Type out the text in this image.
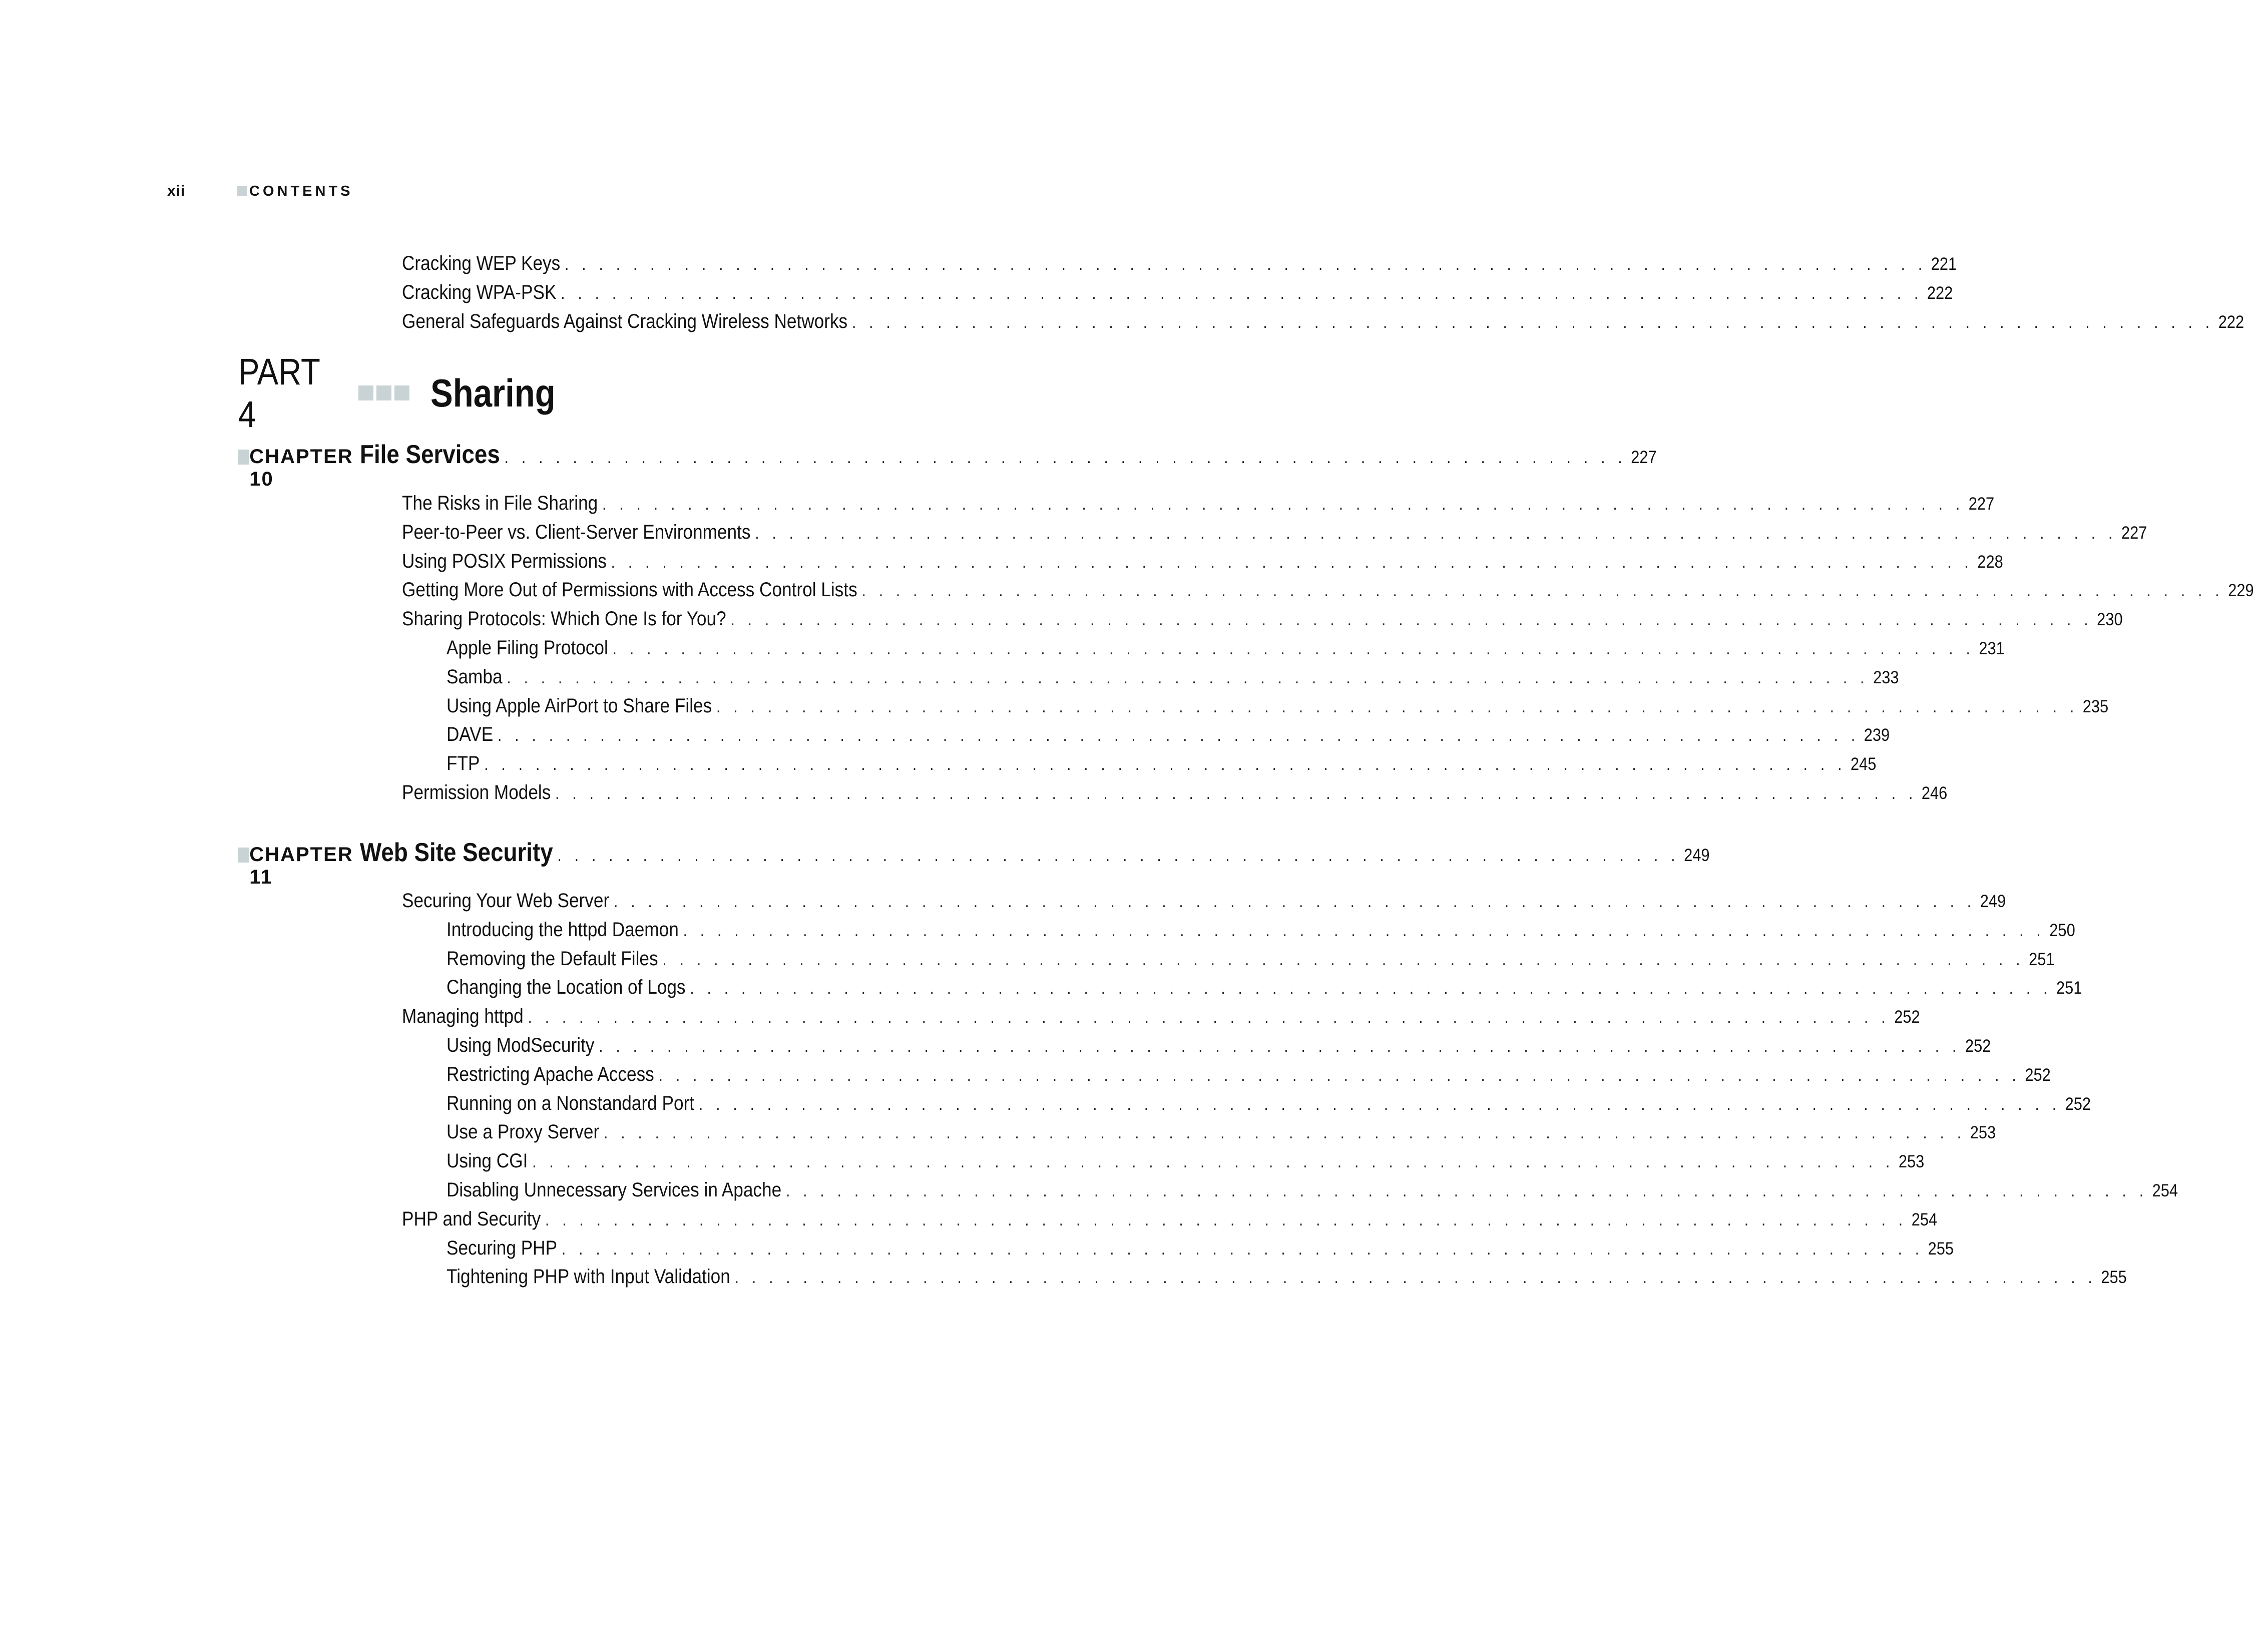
xii	CONTENTS
PART 4	Sharing
CHAPTER 10
File Services . . . . . . . . . . . . . . . . . . . . . . . . . . . . . . . . . . . . . . . . . . . . . . . . . . . . . . . . . . . . . . . . . . 227
CHAPTER 11
Web Site Security . . . . . . . . . . . . . . . . . . . . . . . . . . . . . . . . . . . . . . . . . . . . . . . . . . . . . . . . . . . . . . . . . . 249
Cracking WEP Keys . . . . . . . . . . . . . . . . . . . . . . . . . . . . . . . . . . . . . . . . . . . . . . . . . . . . . . . . . . . . . . . . . . . . . . . . . . . . . . . . 221
Cracking WPA-PSK . . . . . . . . . . . . . . . . . . . . . . . . . . . . . . . . . . . . . . . . . . . . . . . . . . . . . . . . . . . . . . . . . . . . . . . . . . . . . . . . 222
General Safeguards Against Cracking Wireless Networks . . . . . . . . . . . . . . . . . . . . . . . . . . . . . . . . . . . . . . . . . . . . . . . . . . . . . . . . . . . . . . . . . . . . . . . . . . . . . . . . 222
The Risks in File Sharing . . . . . . . . . . . . . . . . . . . . . . . . . . . . . . . . . . . . . . . . . . . . . . . . . . . . . . . . . . . . . . . . . . . . . . . . . . . . . . . . 227
Peer-to-Peer vs. Client-Server Environments . . . . . . . . . . . . . . . . . . . . . . . . . . . . . . . . . . . . . . . . . . . . . . . . . . . . . . . . . . . . . . . . . . . . . . . . . . . . . . . . 227
Using POSIX Permissions . . . . . . . . . . . . . . . . . . . . . . . . . . . . . . . . . . . . . . . . . . . . . . . . . . . . . . . . . . . . . . . . . . . . . . . . . . . . . . . . 228
Getting More Out of Permissions with Access Control Lists . . . . . . . . . . . . . . . . . . . . . . . . . . . . . . . . . . . . . . . . . . . . . . . . . . . . . . . . . . . . . . . . . . . . . . . . . . . . . . . . 229
Sharing Protocols: Which One Is for You? . . . . . . . . . . . . . . . . . . . . . . . . . . . . . . . . . . . . . . . . . . . . . . . . . . . . . . . . . . . . . . . . . . . . . . . . . . . . . . . . 230
Apple Filing Protocol . . . . . . . . . . . . . . . . . . . . . . . . . . . . . . . . . . . . . . . . . . . . . . . . . . . . . . . . . . . . . . . . . . . . . . . . . . . . . . . . 231
Samba . . . . . . . . . . . . . . . . . . . . . . . . . . . . . . . . . . . . . . . . . . . . . . . . . . . . . . . . . . . . . . . . . . . . . . . . . . . . . . . . 233
Using Apple AirPort to Share Files . . . . . . . . . . . . . . . . . . . . . . . . . . . . . . . . . . . . . . . . . . . . . . . . . . . . . . . . . . . . . . . . . . . . . . . . . . . . . . . . 235
DAVE . . . . . . . . . . . . . . . . . . . . . . . . . . . . . . . . . . . . . . . . . . . . . . . . . . . . . . . . . . . . . . . . . . . . . . . . . . . . . . . . 239
FTP . . . . . . . . . . . . . . . . . . . . . . . . . . . . . . . . . . . . . . . . . . . . . . . . . . . . . . . . . . . . . . . . . . . . . . . . . . . . . . . . 245
Permission Models . . . . . . . . . . . . . . . . . . . . . . . . . . . . . . . . . . . . . . . . . . . . . . . . . . . . . . . . . . . . . . . . . . . . . . . . . . . . . . . . 246
Securing Your Web Server . . . . . . . . . . . . . . . . . . . . . . . . . . . . . . . . . . . . . . . . . . . . . . . . . . . . . . . . . . . . . . . . . . . . . . . . . . . . . . . . 249
Introducing the httpd Daemon . . . . . . . . . . . . . . . . . . . . . . . . . . . . . . . . . . . . . . . . . . . . . . . . . . . . . . . . . . . . . . . . . . . . . . . . . . . . . . . . 250
Removing the Default Files . . . . . . . . . . . . . . . . . . . . . . . . . . . . . . . . . . . . . . . . . . . . . . . . . . . . . . . . . . . . . . . . . . . . . . . . . . . . . . . . 251
Changing the Location of Logs . . . . . . . . . . . . . . . . . . . . . . . . . . . . . . . . . . . . . . . . . . . . . . . . . . . . . . . . . . . . . . . . . . . . . . . . . . . . . . . . 251
Managing httpd . . . . . . . . . . . . . . . . . . . . . . . . . . . . . . . . . . . . . . . . . . . . . . . . . . . . . . . . . . . . . . . . . . . . . . . . . . . . . . . . 252
Using ModSecurity . . . . . . . . . . . . . . . . . . . . . . . . . . . . . . . . . . . . . . . . . . . . . . . . . . . . . . . . . . . . . . . . . . . . . . . . . . . . . . . . 252
Restricting Apache Access . . . . . . . . . . . . . . . . . . . . . . . . . . . . . . . . . . . . . . . . . . . . . . . . . . . . . . . . . . . . . . . . . . . . . . . . . . . . . . . . 252
Running on a Nonstandard Port . . . . . . . . . . . . . . . . . . . . . . . . . . . . . . . . . . . . . . . . . . . . . . . . . . . . . . . . . . . . . . . . . . . . . . . . . . . . . . . . 252
Use a Proxy Server . . . . . . . . . . . . . . . . . . . . . . . . . . . . . . . . . . . . . . . . . . . . . . . . . . . . . . . . . . . . . . . . . . . . . . . . . . . . . . . . 253
Using CGI . . . . . . . . . . . . . . . . . . . . . . . . . . . . . . . . . . . . . . . . . . . . . . . . . . . . . . . . . . . . . . . . . . . . . . . . . . . . . . . . 253
Disabling Unnecessary Services in Apache . . . . . . . . . . . . . . . . . . . . . . . . . . . . . . . . . . . . . . . . . . . . . . . . . . . . . . . . . . . . . . . . . . . . . . . . . . . . . . . . 254
PHP and Security . . . . . . . . . . . . . . . . . . . . . . . . . . . . . . . . . . . . . . . . . . . . . . . . . . . . . . . . . . . . . . . . . . . . . . . . . . . . . . . . 254
Securing PHP . . . . . . . . . . . . . . . . . . . . . . . . . . . . . . . . . . . . . . . . . . . . . . . . . . . . . . . . . . . . . . . . . . . . . . . . . . . . . . . . 255
Tightening PHP with Input Validation . . . . . . . . . . . . . . . . . . . . . . . . . . . . . . . . . . . . . . . . . . . . . . . . . . . . . . . . . . . . . . . . . . . . . . . . . . . . . . . . 255
